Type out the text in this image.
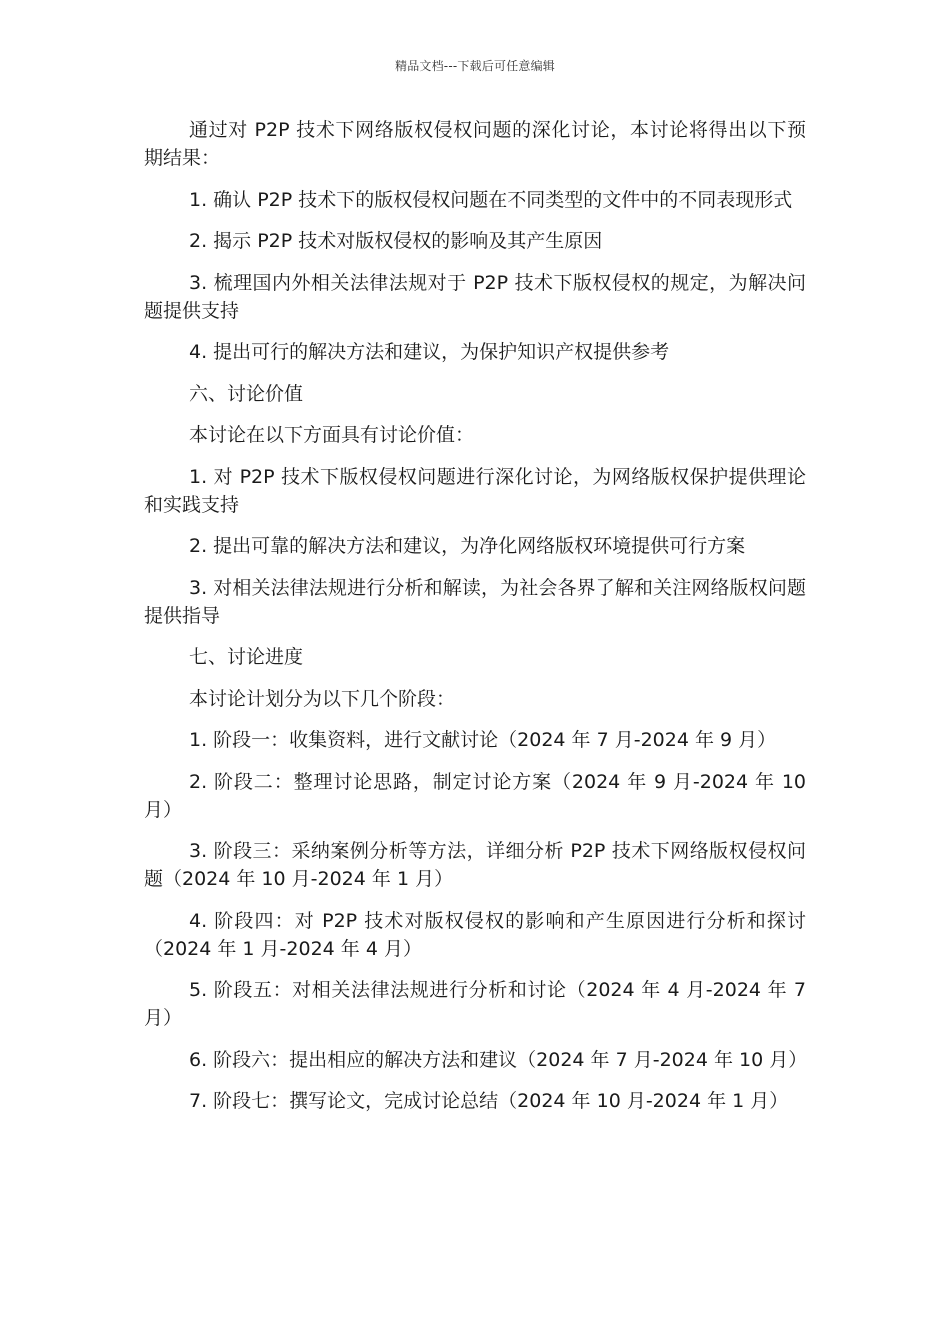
精品文档---下载后可任意编辑

通过对 P2P 技术下网络版权侵权问题的深化讨论，本讨论将得出以下预期结果：

1. 确认 P2P 技术下的版权侵权问题在不同类型的文件中的不同表现形式

2. 揭示 P2P 技术对版权侵权的影响及其产生原因

3. 梳理国内外相关法律法规对于 P2P 技术下版权侵权的规定，为解决问题提供支持

4. 提出可行的解决方法和建议，为保护知识产权提供参考

六、讨论价值

本讨论在以下方面具有讨论价值：

1. 对 P2P 技术下版权侵权问题进行深化讨论，为网络版权保护提供理论和实践支持

2. 提出可靠的解决方法和建议，为净化网络版权环境提供可行方案

3. 对相关法律法规进行分析和解读，为社会各界了解和关注网络版权问题提供指导

七、讨论进度

本讨论计划分为以下几个阶段：

1. 阶段一：收集资料，进行文献讨论（2024 年 7 月-2024 年 9 月）

2. 阶段二：整理讨论思路，制定讨论方案（2024 年 9 月-2024 年 10 月）

3. 阶段三：采纳案例分析等方法，详细分析 P2P 技术下网络版权侵权问题（2024 年 10 月-2024 年 1 月）

4. 阶段四：对 P2P 技术对版权侵权的影响和产生原因进行分析和探讨（2024 年 1 月-2024 年 4 月）

5. 阶段五：对相关法律法规进行分析和讨论（2024 年 4 月-2024 年 7 月）

6. 阶段六：提出相应的解决方法和建议（2024 年 7 月-2024 年 10 月）

7. 阶段七：撰写论文，完成讨论总结（2024 年 10 月-2024 年 1 月）
